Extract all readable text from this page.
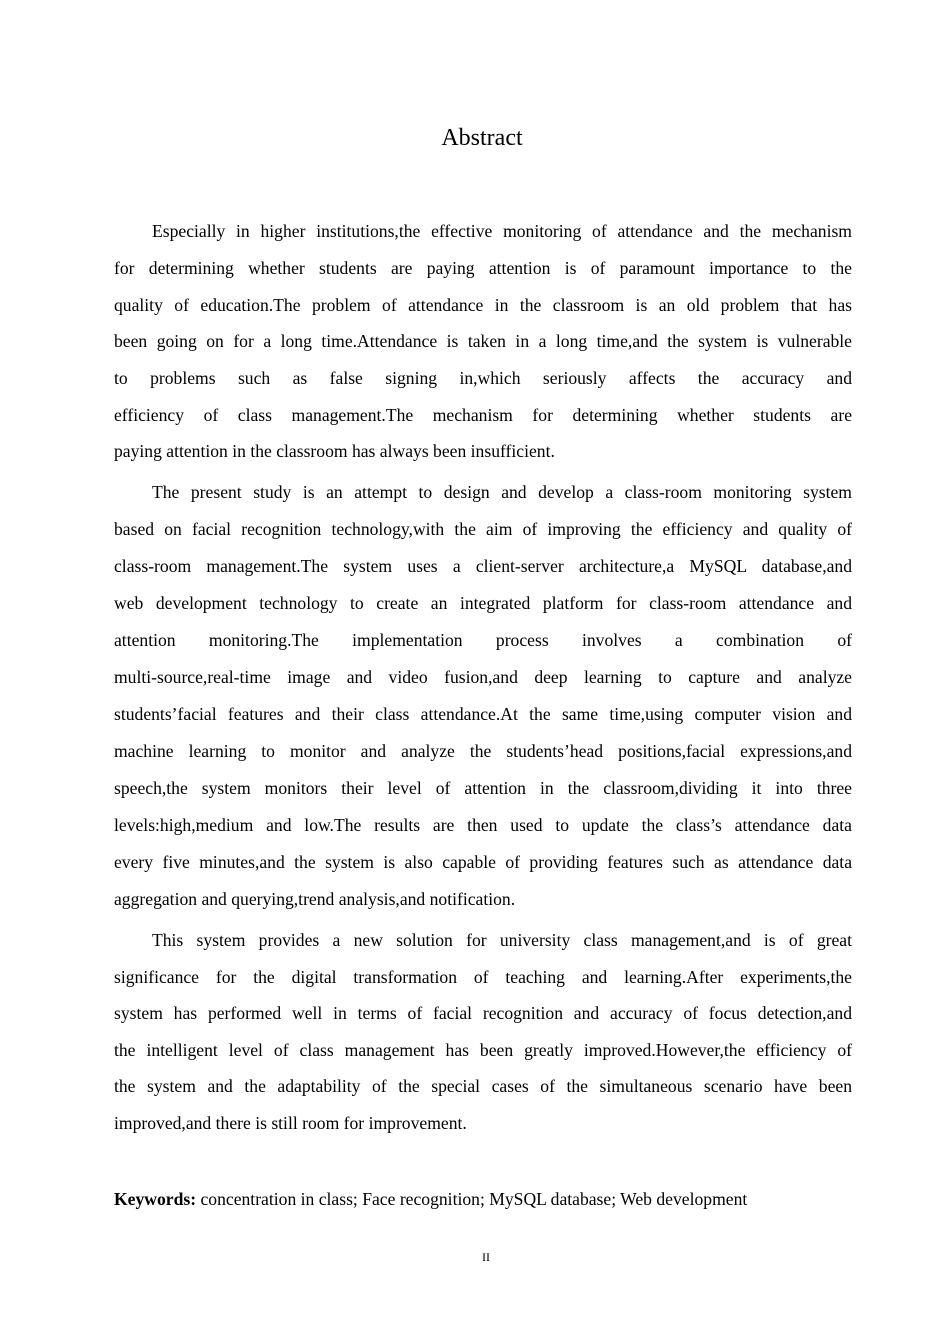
Abstract
Especially in higher institutions,the effective monitoring of attendance and the mechanism
for determining whether students are paying attention is of paramount importance to the
quality of education.The problem of attendance in the classroom is an old problem that has
been going on for a long time.Attendance is taken in a long time,and the system is vulnerable
to problems such as false signing in,which seriously affects the accuracy and
efficiency of class management.The mechanism for determining whether students are
paying attention in the classroom has always been insufficient.
The present study is an attempt to design and develop a class-room monitoring system
based on facial recognition technology,with the aim of improving the efficiency and quality of
class-room management.The system uses a client-server architecture,a MySQL database,and
web development technology to create an integrated platform for class-room attendance and
attention monitoring.The implementation process involves a combination of
multi-source,real-time image and video fusion,and deep learning to capture and analyze
students’facial features and their class attendance.At the same time,using computer vision and
machine learning to monitor and analyze the students’head positions,facial expressions,and
speech,the system monitors their level of attention in the classroom,dividing it into three
levels:high,medium and low.The results are then used to update the class’s attendance data
every five minutes,and the system is also capable of providing features such as attendance data
aggregation and querying,trend analysis,and notification.
This system provides a new solution for university class management,and is of great
significance for the digital transformation of teaching and learning.After experiments,the
system has performed well in terms of facial recognition and accuracy of focus detection,and
the intelligent level of class management has been greatly improved.However,the efficiency of
the system and the adaptability of the special cases of the simultaneous scenario have been
improved,and there is still room for improvement.
Keywords: concentration in class; Face recognition; MySQL database; Web development
II
